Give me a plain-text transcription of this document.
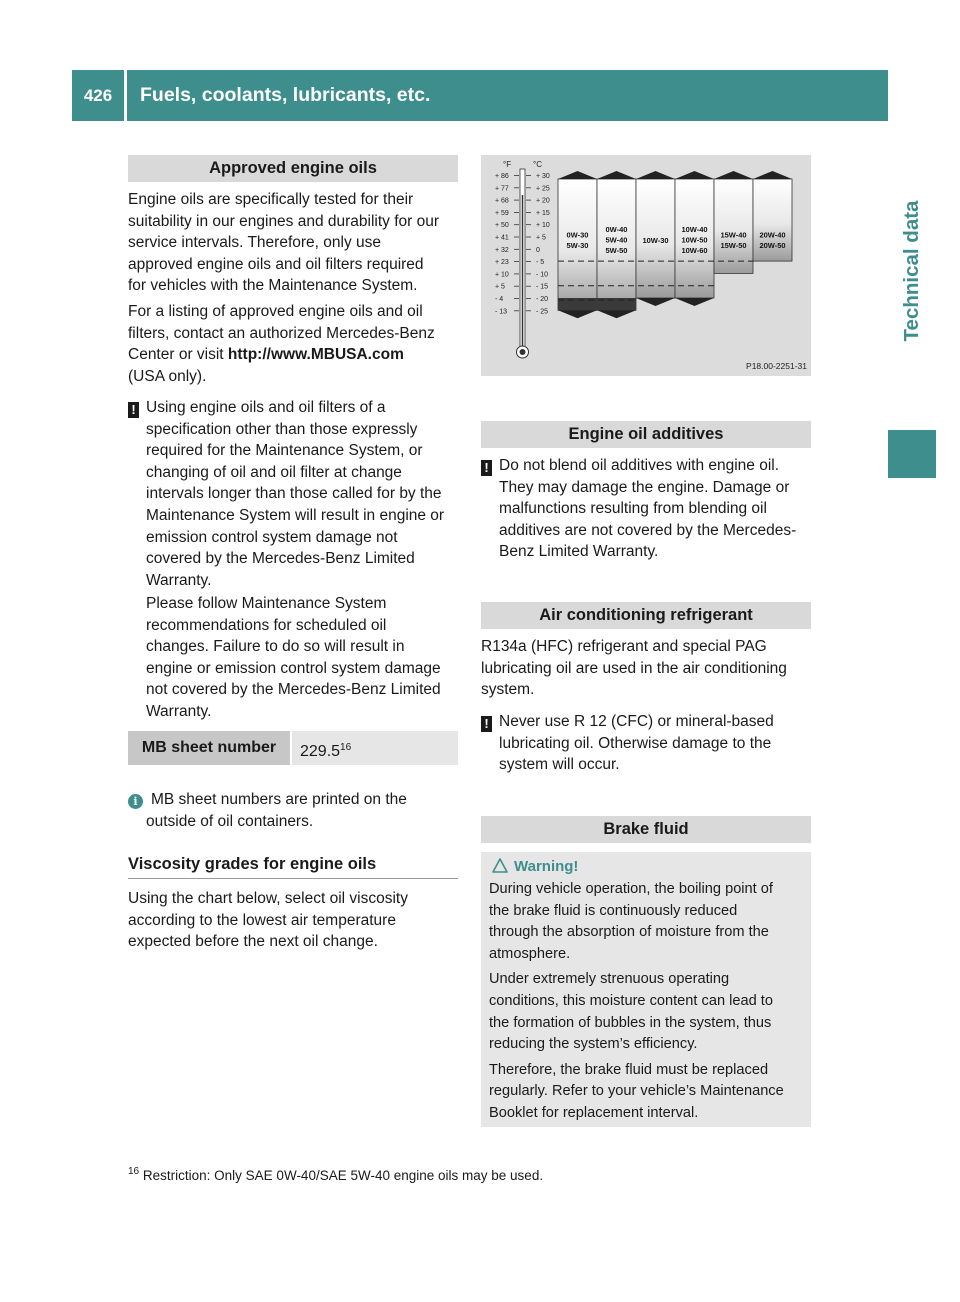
426	Fuels, coolants, lubricants, etc.
Technical data
Approved engine oils
Engine oils are specifically tested for their
suitability in our engines and durability for our
service intervals. Therefore, only use
approved engine oils and oil filters required
for vehicles with the Maintenance System.
For a listing of approved engine oils and oil
filters, contact an authorized Mercedes-Benz
Center or visit http://www.MBUSA.com
(USA only).
! Using engine oils and oil filters of a
specification other than those expressly
required for the Maintenance System, or
changing of oil and oil filter at change
intervals longer than those called for by the
Maintenance System will result in engine or
emission control system damage not
covered by the Mercedes-Benz Limited
Warranty.
Please follow Maintenance System
recommendations for scheduled oil
changes. Failure to do so will result in
engine or emission control system damage
not covered by the Mercedes-Benz Limited
Warranty.
MB sheet number	229.5$^{16}$
i MB sheet numbers are printed on the
outside of oil containers.
Viscosity grades for engine oils
Using the chart below, select oil viscosity
according to the lowest air temperature
expected before the next oil change.
°F	°C
+ 86
+ 77
+ 68
+ 59
+ 50
+ 41
+ 32
+ 23
+ 10
+ 5
- 4
- 13
+ 30
+ 25
+ 20
+ 15
+ 10
+ 5
0
- 5
- 10
- 15
- 20
- 25
0W-30
5W-30
0W-40
5W-40
5W-50
10W-30
10W-40
10W-50
10W-60
15W-40
15W-50
20W-40
20W-50
P18.00-2251-31
Engine oil additives
! Do not blend oil additives with engine oil.
They may damage the engine. Damage or
malfunctions resulting from blending oil
additives are not covered by the Mercedes-
Benz Limited Warranty.
Air conditioning refrigerant
R134a (HFC) refrigerant and special PAG
lubricating oil are used in the air conditioning
system.
! Never use R 12 (CFC) or mineral-based
lubricating oil. Otherwise damage to the
system will occur.
Brake fluid
Warning!
During vehicle operation, the boiling point of
the brake fluid is continuously reduced
through the absorption of moisture from the
atmosphere.
Under extremely strenuous operating
conditions, this moisture content can lead to
the formation of bubbles in the system, thus
reducing the system’s efficiency.
Therefore, the brake fluid must be replaced
regularly. Refer to your vehicle’s Maintenance
Booklet for replacement interval.
$^{16}$ Restriction: Only SAE 0W-40/SAE 5W-40 engine oils may be used.
